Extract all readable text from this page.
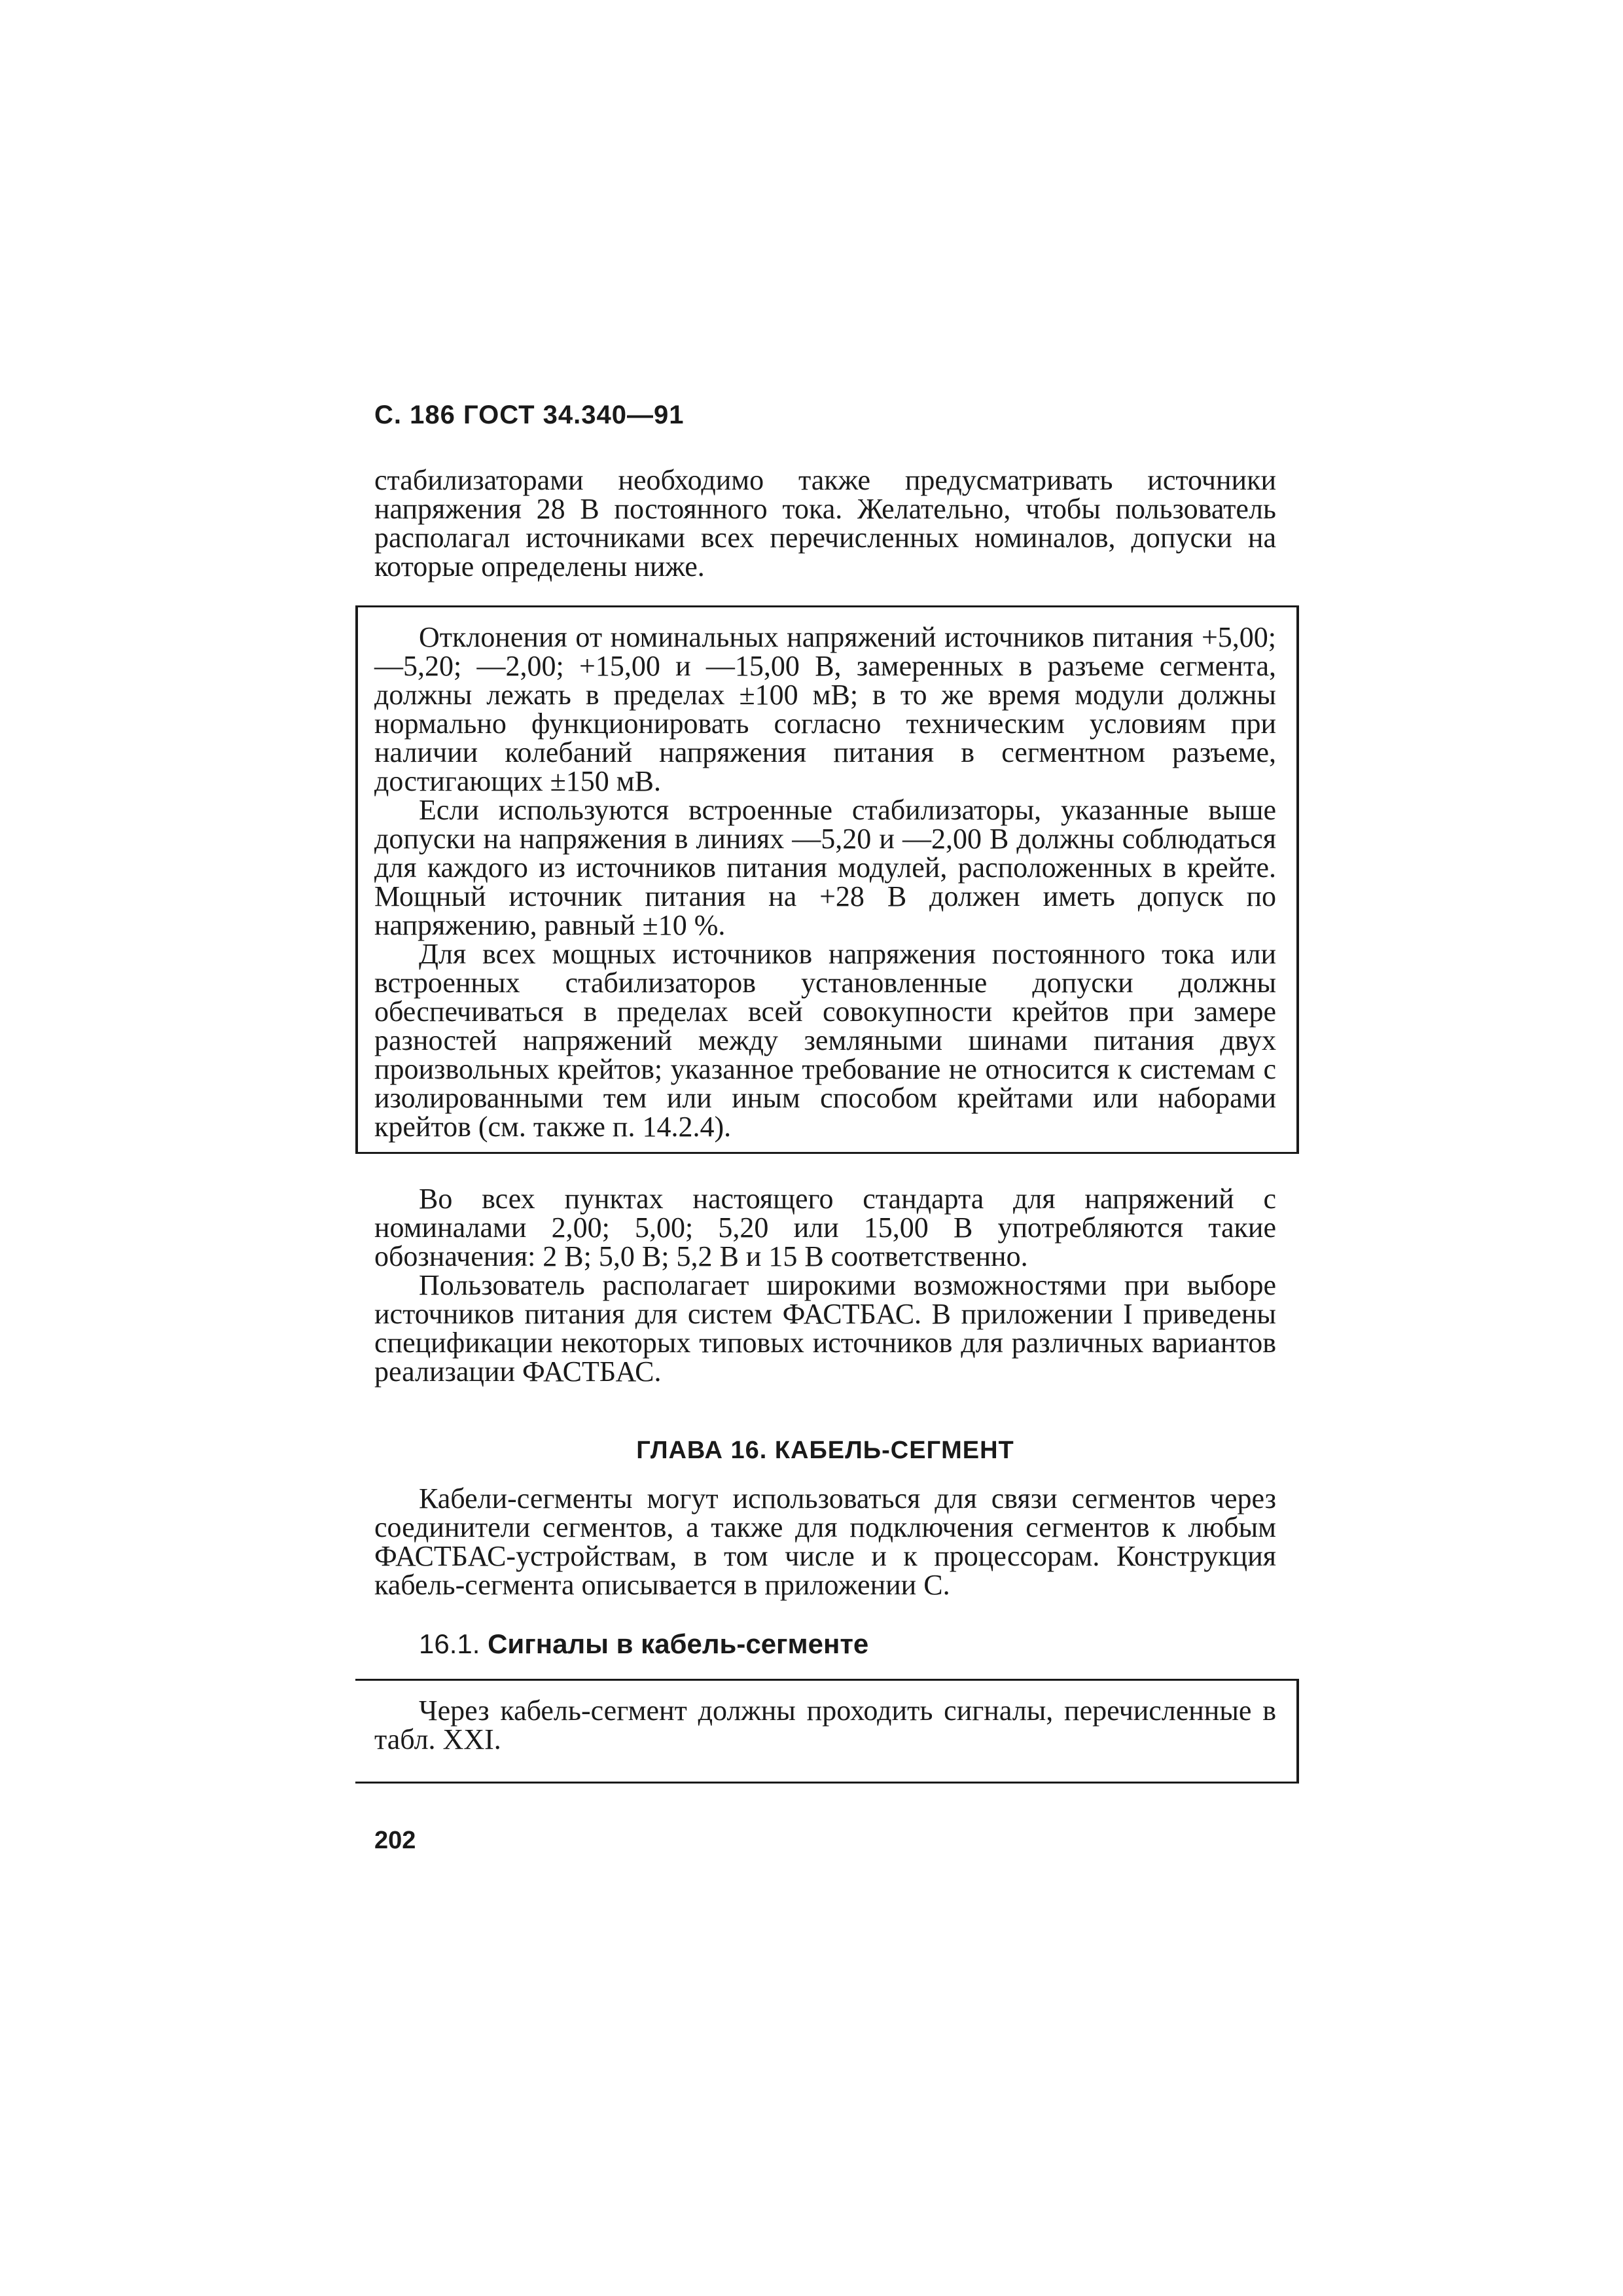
С. 186 ГОСТ 34.340—91

стабилизаторами необходимо также предусматривать источники напряжения 28 В постоянного тока. Желательно, чтобы пользователь располагал источниками всех перечисленных номиналов, допуски на которые определены ниже.

Отклонения от номинальных напряжений источников питания +5,00; —5,20; —2,00; +15,00 и —15,00 В, замеренных в разъеме сегмента, должны лежать в пределах ±100 мВ; в то же время модули должны нормально функционировать согласно техническим условиям при наличии колебаний напряжения питания в сегментном разъеме, достигающих ±150 мВ.

Если используются встроенные стабилизаторы, указанные выше допуски на напряжения в линиях —5,20 и —2,00 В должны соблюдаться для каждого из источников питания модулей, расположенных в крейте. Мощный источник питания на +28 В должен иметь допуск по напряжению, равный ±10 %.

Для всех мощных источников напряжения постоянного тока или встроенных стабилизаторов установленные допуски должны обеспечиваться в пределах всей совокупности крейтов при замере разностей напряжений между земляными шинами питания двух произвольных крейтов; указанное требование не относится к системам с изолированными тем или иным способом крейтами или наборами крейтов (см. также п. 14.2.4).

Во всех пунктах настоящего стандарта для напряжений с номиналами 2,00; 5,00; 5,20 или 15,00 В употребляются такие обозначения: 2 В; 5,0 В; 5,2 В и 15 В соответственно.

Пользователь располагает широкими возможностями при выборе источников питания для систем ФАСТБАС. В приложении I приведены спецификации некоторых типовых источников для различных вариантов реализации ФАСТБАС.

ГЛАВА 16. КАБЕЛЬ-СЕГМЕНТ

Кабели-сегменты могут использоваться для связи сегментов через соединители сегментов, а также для подключения сегментов к любым ФАСТБАС-устройствам, в том числе и к процессорам. Конструкция кабель-сегмента описывается в приложении С.

16.1. Сигналы в кабель-сегменте

Через кабель-сегмент должны проходить сигналы, перечисленные в табл. XXI.

202
